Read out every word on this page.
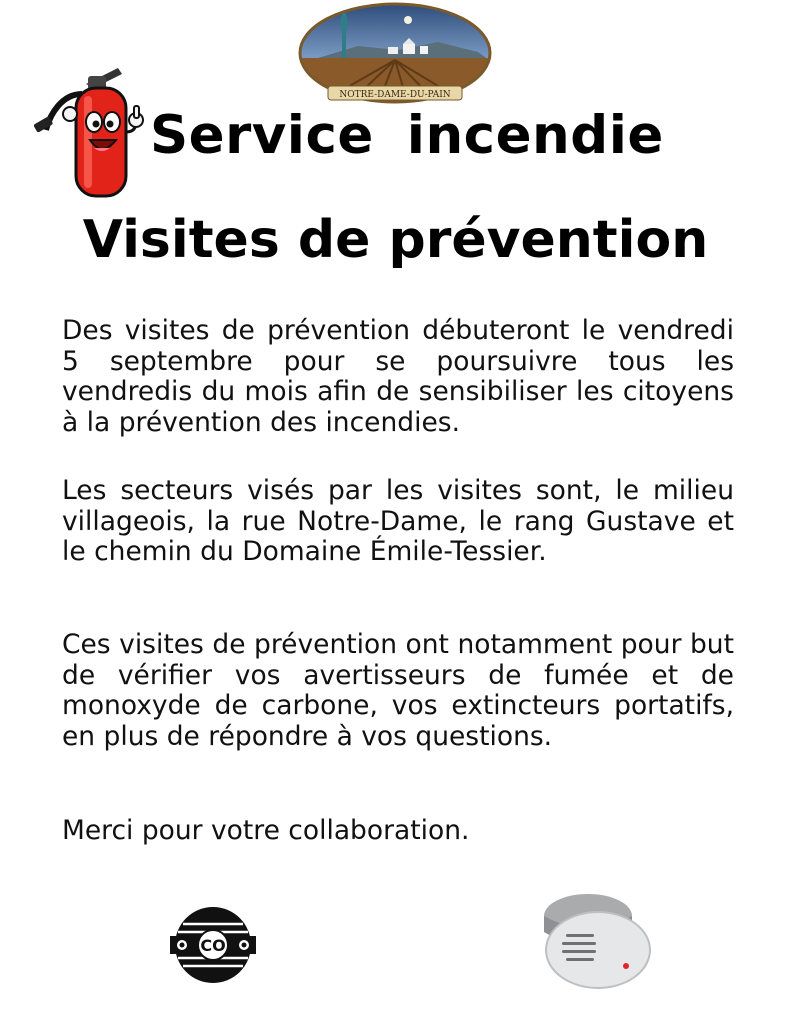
NOTRE-DAME-DU-PAIN
Service incendie
Visites de prévention
Des visites de prévention débuteront le vendredi 5 septembre pour se poursuivre tous les vendredis du mois afin de sensibiliser les citoyens à la prévention des incendies.
Les secteurs visés par les visites sont, le milieu villageois, la rue Notre-Dame, le rang Gustave et le chemin du Domaine Émile-Tessier.
Ces visites de prévention ont notamment pour but de vérifier vos avertisseurs de fumée et de monoxyde de carbone, vos extincteurs portatifs, en plus de répondre à vos questions.
Merci pour votre collaboration.
CO
